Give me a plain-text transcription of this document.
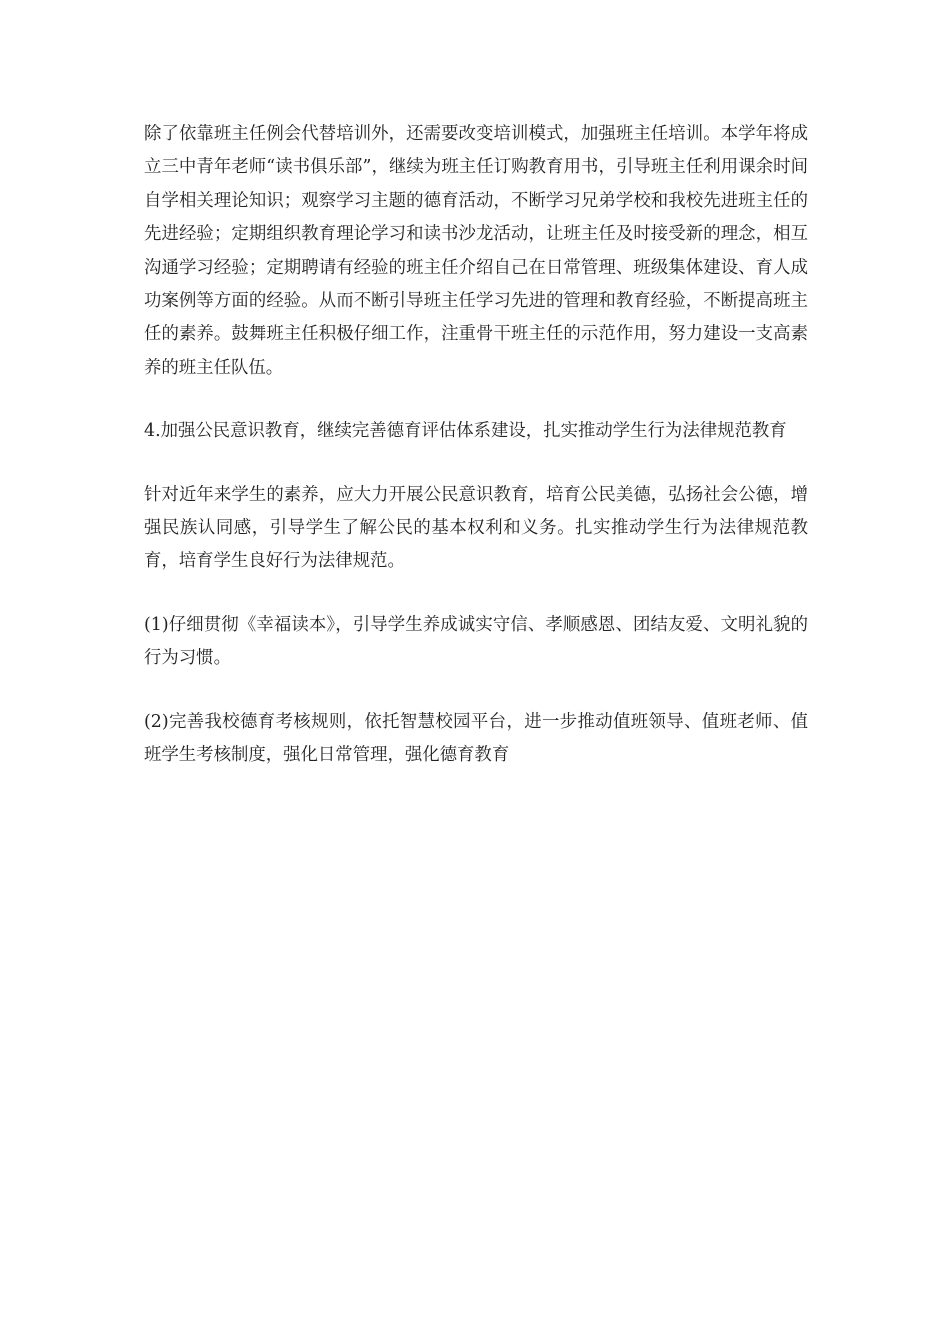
除了依靠班主任例会代替培训外，还需要改变培训模式，加强班主任培训。本学年将成立三中青年老师“读书俱乐部”，继续为班主任订购教育用书，引导班主任利用课余时间自学相关理论知识；观察学习主题的德育活动，不断学习兄弟学校和我校先进班主任的先进经验；定期组织教育理论学习和读书沙龙活动，让班主任及时接受新的理念，相互沟通学习经验；定期聘请有经验的班主任介绍自己在日常管理、班级集体建设、育人成功案例等方面的经验。从而不断引导班主任学习先进的管理和教育经验，不断提高班主任的素养。鼓舞班主任积极仔细工作，注重骨干班主任的示范作用，努力建设一支高素养的班主任队伍。

4.加强公民意识教育，继续完善德育评估体系建设，扎实推动学生行为法律规范教育

针对近年来学生的素养，应大力开展公民意识教育，培育公民美德，弘扬社会公德，增强民族认同感，引导学生了解公民的基本权利和义务。扎实推动学生行为法律规范教育，培育学生良好行为法律规范。

(1)仔细贯彻《幸福读本》，引导学生养成诚实守信、孝顺感恩、团结友爱、文明礼貌的行为习惯。

(2)完善我校德育考核规则，依托智慧校园平台，进一步推动值班领导、值班老师、值班学生考核制度，强化日常管理，强化德育教育
